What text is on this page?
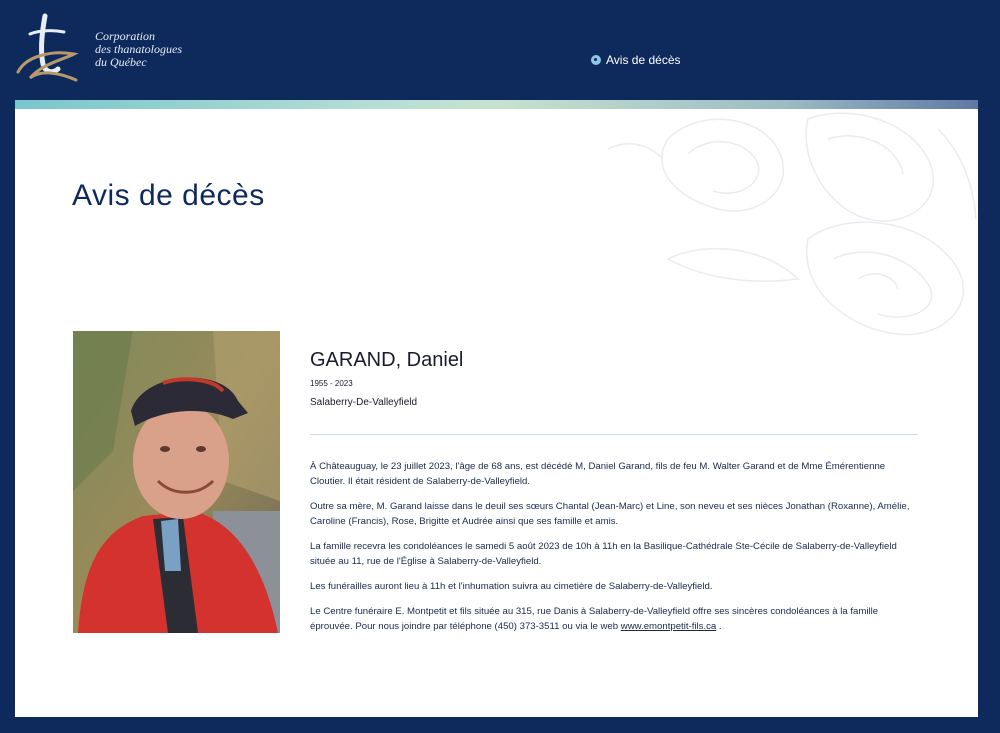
Corporation
des thanatologues
du Québec	Avis de décès
Avis de décès
GARAND, Daniel
1955 - 2023
Salaberry-De-Valleyfield

À Châteauguay, le 23 juillet 2023, l'âge de 68 ans, est décédé M, Daniel Garand, fils de feu M. Walter Garand et de Mme Émérentienne Cloutier. Il était résident de Salaberry-de-Valleyfield.

Outre sa mère, M. Garand laisse dans le deuil ses sœurs Chantal (Jean-Marc) et Line, son neveu et ses nièces Jonathan (Roxanne), Amélie, Caroline (Francis), Rose, Brigitte et Audrée ainsi que ses famille et amis.

La famille recevra les condoléances le samedi 5 août 2023 de 10h à 11h en la Basilique-Cathédrale Ste-Cécile de Salaberry-de-Valleyfield située au 11, rue de l'Église à Salaberry-de-Valleyfield.

Les funérailles auront lieu à 11h et l'inhumation suivra au cimetière de Salaberry-de-Valleyfield.

Le Centre funéraire E. Montpetit et fils située au 315, rue Danis à Salaberry-de-Valleyfield offre ses sincères condoléances à la famille éprouvée. Pour nous joindre par téléphone (450) 373-3511 ou via le web www.emontpetit-fils.ca .
